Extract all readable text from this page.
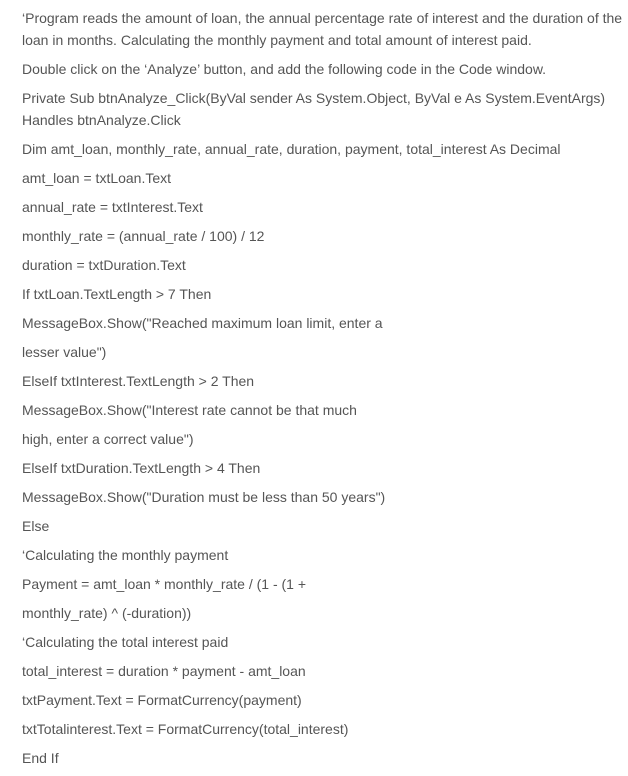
‘Program reads the amount of loan, the annual percentage rate of interest and the duration of the loan in months. Calculating the monthly payment and total amount of interest paid.

Double click on the ‘Analyze’ button, and add the following code in the Code window.
Private Sub btnAnalyze_Click(ByVal sender As System.Object, ByVal e As System.EventArgs)
Handles btnAnalyze.Click
Dim amt_loan, monthly_rate, annual_rate, duration, payment, total_interest As Decimal
amt_loan = txtLoan.Text
annual_rate = txtInterest.Text
monthly_rate = (annual_rate / 100) / 12
duration = txtDuration.Text
If txtLoan.TextLength > 7 Then
MessageBox.Show("Reached maximum loan limit, enter a
lesser value")
ElseIf txtInterest.TextLength > 2 Then
MessageBox.Show("Interest rate cannot be that much
high, enter a correct value")
ElseIf txtDuration.TextLength > 4 Then
MessageBox.Show("Duration must be less than 50 years")
Else
‘Calculating the monthly payment
Payment = amt_loan * monthly_rate / (1 - (1 +
monthly_rate) ^ (-duration))
‘Calculating the total interest paid
total_interest = duration * payment - amt_loan
txtPayment.Text = FormatCurrency(payment)
txtTotalinterest.Text = FormatCurrency(total_interest)
End If
